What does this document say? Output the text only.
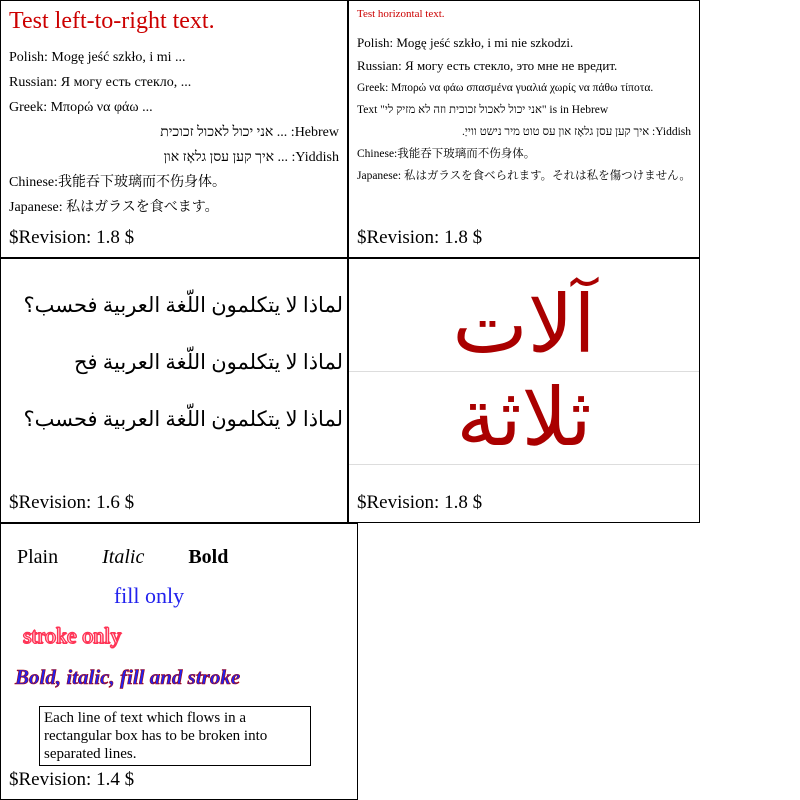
Test left-to-right text.
Polish: Mogę jeść szkło, i mi ...
Russian: Я могу есть стекло, ...
Greek: Μπορώ να φάω ...
Hebrew: ... אני יכול לאכול זכוכית
Yiddish: ... איך קען עסן גלאָז און
Chinese:我能吞下玻璃而不伤身体。
Japanese: 私はガラスを食べます。
$Revision: 1.8 $
Test horizontal text.
Polish: Mogę jeść szkło, i mi nie szkodzi.
Russian: Я могу есть стекло, это мне не вредит.
Greek: Μπορώ να φάω σπασμένα γυαλιά χωρίς να πάθω τίποτα.
Text "אני יכול לאכול זכוכית וזה לא מזיק לי" is in Hebrew
Yiddish: איך קען עסן גלאָז און עס טוט מיר נישט ווייַ.
Chinese:我能吞下玻璃而不伤身体。
Japanese: 私はガラスを食べられます。それは私を傷つけません。
$Revision: 1.8 $
لماذا لا يتكلمون اللّغة العربية فحسب؟
لماذا لا يتكلمون اللّغة العربية فح
لماذا لا يتكلمون اللّغة العربية فحسب؟
$Revision: 1.6 $
آلات
ثلاثة
$Revision: 1.8 $
Plain Italic Bold
fill only
stroke only
Bold, italic, fill and stroke
Each line of text which flows in a rectangular box has to be broken into separated lines.
$Revision: 1.4 $
